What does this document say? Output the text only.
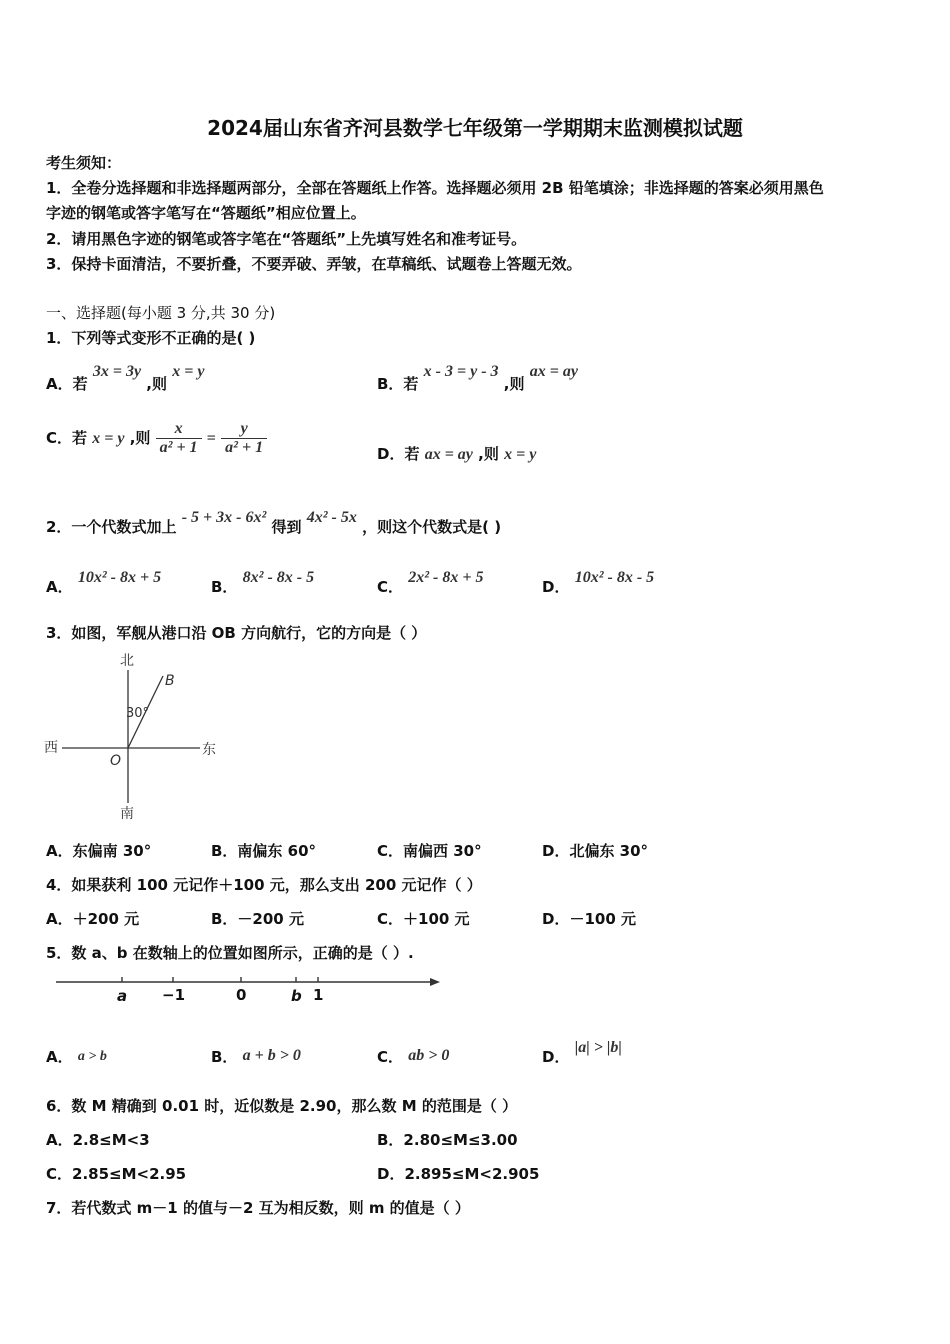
2024届山东省齐河县数学七年级第一学期期末监测模拟试题
考生须知：
1．全卷分选择题和非选择题两部分，全部在答题纸上作答。选择题必须用 2B 铅笔填涂；非选择题的答案必须用黑色
字迹的钢笔或答字笔写在“答题纸”相应位置上。
2．请用黑色字迹的钢笔或答字笔在“答题纸”上先填写姓名和准考证号。
3．保持卡面清洁，不要折叠，不要弄破、弄皱，在草稿纸、试题卷上答题无效。
一、选择题(每小题 3 分,共 30 分)
1．下列等式变形不正确的是( )
A．若 3x = 3y ,则 x = y
B．若 x - 3 = y - 3 ,则 ax = ay
C．若 x = y ,则 $\frac{x}{\text{a² + 1}} = \frac{y}{\text{a² + 1}}$	D．若 ax = ay ,则 x = y
2．一个代数式加上 - 5 + 3x - 6x² 得到 4x² - 5x ，则这个代数式是( )
A． 10x² - 8x + 5
B． 8x² - 8x - 5
C． 2x² - 8x + 5
D． 10x² - 8x - 5
3．如图，军舰从港口沿 OB 方向航行，它的方向是（ ）
北
南
西	东
O
B
30°
A．东偏南 30°	B．南偏东 60°	C．南偏西 30°	D．北偏东 30°
4．如果获利 100 元记作＋100 元，那么支出 200 元记作（ ）
A．＋200 元	B．－200 元	C．＋100 元	D．－100 元
5．数 a、b 在数轴上的位置如图所示，正确的是（ ）.
a −1	0	b 1
A． a > b	B． a + b > 0	C． ab > 0	D． |a| > |b|
6．数 M 精确到 0.01 时，近似数是 2.90，那么数 M 的范围是（ ）
A．2.8≤M<3	B．2.80≤M≤3.00
C．2.85≤M<2.95	D．2.895≤M<2.905
7．若代数式 m－1 的值与－2 互为相反数，则 m 的值是（ ）
